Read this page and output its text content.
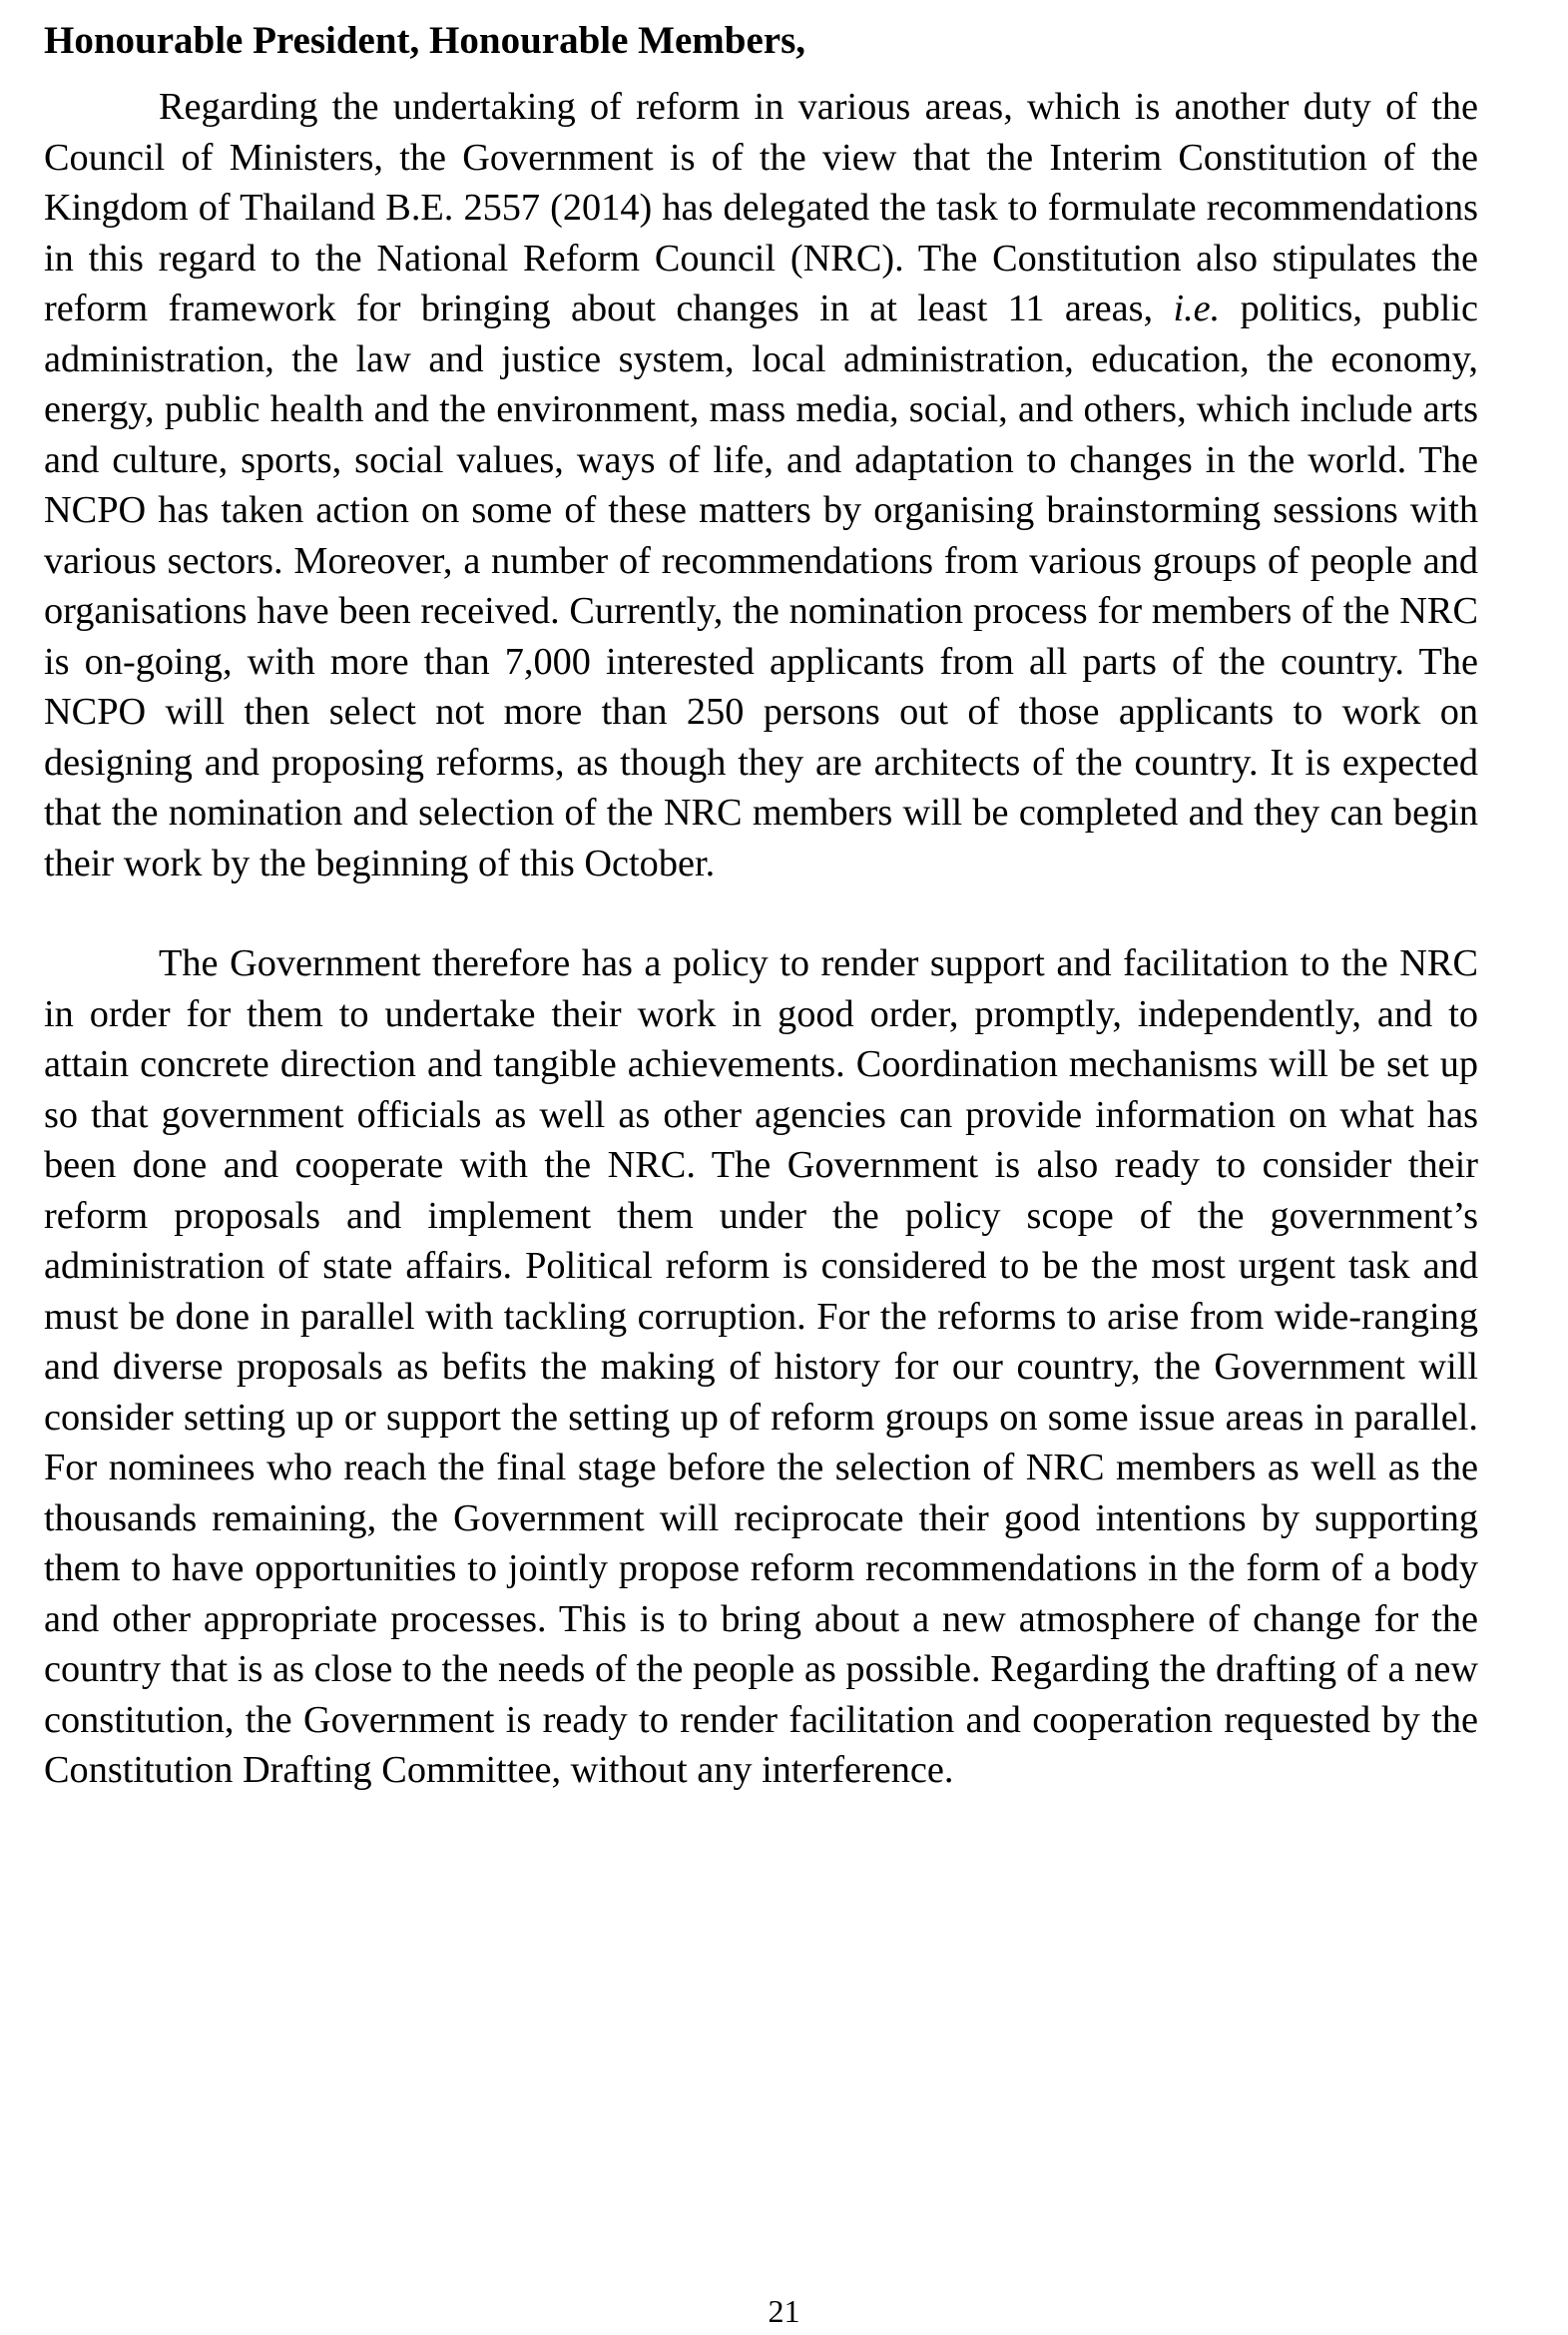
Honourable President, Honourable Members,

Regarding the undertaking of reform in various areas, which is another duty of the Council of Ministers, the Government is of the view that the Interim Constitution of the Kingdom of Thailand B.E. 2557 (2014) has delegated the task to formulate recommendations in this regard to the National Reform Council (NRC). The Constitution also stipulates the reform framework for bringing about changes in at least 11 areas, i.e. politics, public administration, the law and justice system, local administration, education, the economy, energy, public health and the environment, mass media, social, and others, which include arts and culture, sports, social values, ways of life, and adaptation to changes in the world. The NCPO has taken action on some of these matters by organising brainstorming sessions with various sectors. Moreover, a number of recommendations from various groups of people and organisations have been received. Currently, the nomination process for members of the NRC is on-going, with more than 7,000 interested applicants from all parts of the country. The NCPO will then select not more than 250 persons out of those applicants to work on designing and proposing reforms, as though they are architects of the country. It is expected that the nomination and selection of the NRC members will be completed and they can begin their work by the beginning of this October.

The Government therefore has a policy to render support and facilitation to the NRC in order for them to undertake their work in good order, promptly, independently, and to attain concrete direction and tangible achievements. Coordination mechanisms will be set up so that government officials as well as other agencies can provide information on what has been done and cooperate with the NRC. The Government is also ready to consider their reform proposals and implement them under the policy scope of the government’s administration of state affairs. Political reform is considered to be the most urgent task and must be done in parallel with tackling corruption. For the reforms to arise from wide-ranging and diverse proposals as befits the making of history for our country, the Government will consider setting up or support the setting up of reform groups on some issue areas in parallel. For nominees who reach the final stage before the selection of NRC members as well as the thousands remaining, the Government will reciprocate their good intentions by supporting them to have opportunities to jointly propose reform recommendations in the form of a body and other appropriate processes. This is to bring about a new atmosphere of change for the country that is as close to the needs of the people as possible. Regarding the drafting of a new constitution, the Government is ready to render facilitation and cooperation requested by the Constitution Drafting Committee, without any interference.

21
